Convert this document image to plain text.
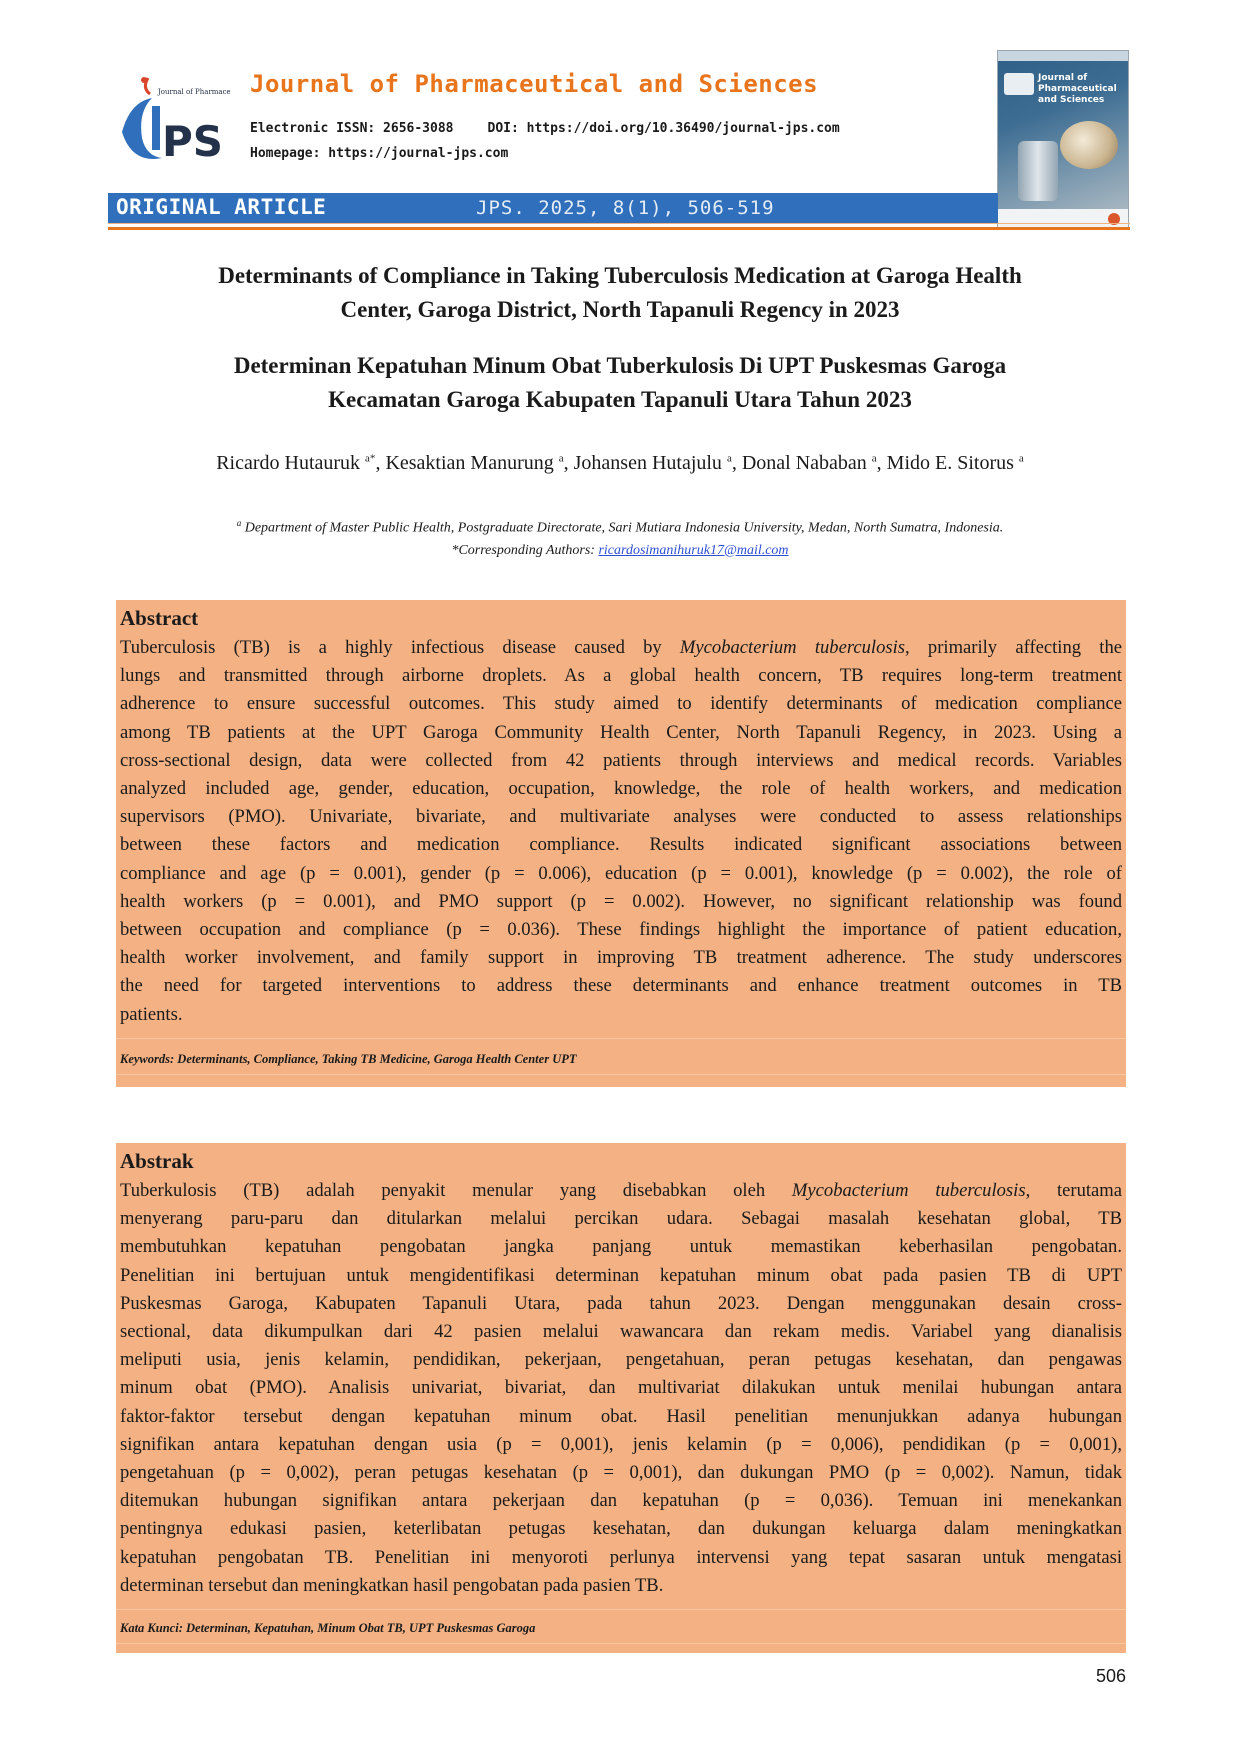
PS
Journal of Pharmace Journal of Pharmaceutical and Sciences
Electronic ISSN: 2656-3088	DOI: https://doi.org/10.36490/journal-jps.com
Homepage: https://journal-jps.com
Journal of Pharmaceutical and Sciences
ORIGINAL ARTICLE	JPS. 2025, 8(1), 506-519
Determinants of Compliance in Taking Tuberculosis Medication at Garoga Health
Center, Garoga District, North Tapanuli Regency in 2023
Determinan Kepatuhan Minum Obat Tuberkulosis Di UPT Puskesmas Garoga
Kecamatan Garoga Kabupaten Tapanuli Utara Tahun 2023
Ricardo Hutauruk $^{a*}$, Kesaktian Manurung $^a$, Johansen Hutajulu $^a$, Donal Nababan $^a$, Mido E. Sitorus $^a$
$^a$ Department of Master Public Health, Postgraduate Directorate, Sari Mutiara Indonesia University, Medan, North Sumatra, Indonesia.
*Corresponding Authors: ricardosimanihuruk17@mail.com
Abstract
Tuberculosis (TB) is a highly infectious disease caused by Mycobacterium tuberculosis, primarily affecting the
lungs and transmitted through airborne droplets. As a global health concern, TB requires long-term treatment
adherence to ensure successful outcomes. This study aimed to identify determinants of medication compliance
among TB patients at the UPT Garoga Community Health Center, North Tapanuli Regency, in 2023. Using a
cross-sectional design, data were collected from 42 patients through interviews and medical records. Variables
analyzed included age, gender, education, occupation, knowledge, the role of health workers, and medication
supervisors (PMO). Univariate, bivariate, and multivariate analyses were conducted to assess relationships
between these factors and medication compliance. Results indicated significant associations between
compliance and age (p = 0.001), gender (p = 0.006), education (p = 0.001), knowledge (p = 0.002), the role of
health workers (p = 0.001), and PMO support (p = 0.002). However, no significant relationship was found
between occupation and compliance (p = 0.036). These findings highlight the importance of patient education,
health worker involvement, and family support in improving TB treatment adherence. The study underscores
the need for targeted interventions to address these determinants and enhance treatment outcomes in TB
patients.
Keywords: Determinants, Compliance, Taking TB Medicine, Garoga Health Center UPT
Abstrak
Tuberkulosis (TB) adalah penyakit menular yang disebabkan oleh Mycobacterium tuberculosis, terutama
menyerang paru-paru dan ditularkan melalui percikan udara. Sebagai masalah kesehatan global, TB
membutuhkan kepatuhan pengobatan jangka panjang untuk memastikan keberhasilan pengobatan.
Penelitian ini bertujuan untuk mengidentifikasi determinan kepatuhan minum obat pada pasien TB di UPT
Puskesmas Garoga, Kabupaten Tapanuli Utara, pada tahun 2023. Dengan menggunakan desain cross-
sectional, data dikumpulkan dari 42 pasien melalui wawancara dan rekam medis. Variabel yang dianalisis
meliputi usia, jenis kelamin, pendidikan, pekerjaan, pengetahuan, peran petugas kesehatan, dan pengawas
minum obat (PMO). Analisis univariat, bivariat, dan multivariat dilakukan untuk menilai hubungan antara
faktor-faktor tersebut dengan kepatuhan minum obat. Hasil penelitian menunjukkan adanya hubungan
signifikan antara kepatuhan dengan usia (p = 0,001), jenis kelamin (p = 0,006), pendidikan (p = 0,001),
pengetahuan (p = 0,002), peran petugas kesehatan (p = 0,001), dan dukungan PMO (p = 0,002). Namun, tidak
ditemukan hubungan signifikan antara pekerjaan dan kepatuhan (p = 0,036). Temuan ini menekankan
pentingnya edukasi pasien, keterlibatan petugas kesehatan, dan dukungan keluarga dalam meningkatkan
kepatuhan pengobatan TB. Penelitian ini menyoroti perlunya intervensi yang tepat sasaran untuk mengatasi
determinan tersebut dan meningkatkan hasil pengobatan pada pasien TB.
Kata Kunci: Determinan, Kepatuhan, Minum Obat TB, UPT Puskesmas Garoga
506
